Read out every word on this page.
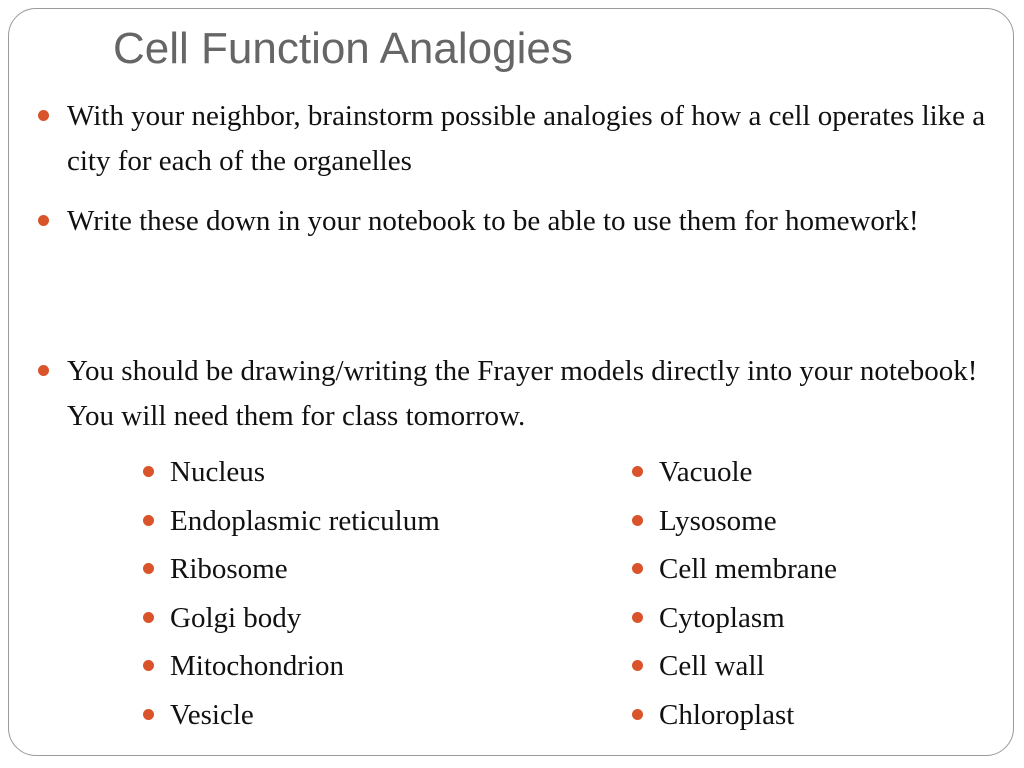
Cell Function Analogies
With your neighbor, brainstorm possible analogies of how a cell operates like a city for each of the organelles
Write these down in your notebook to be able to use them for homework!
You should be drawing/writing the Frayer models directly into your notebook! You will need them for class tomorrow.
Nucleus
Endoplasmic reticulum
Ribosome
Golgi body
Mitochondrion
Vesicle
Vacuole
Lysosome
Cell membrane
Cytoplasm
Cell wall
Chloroplast
